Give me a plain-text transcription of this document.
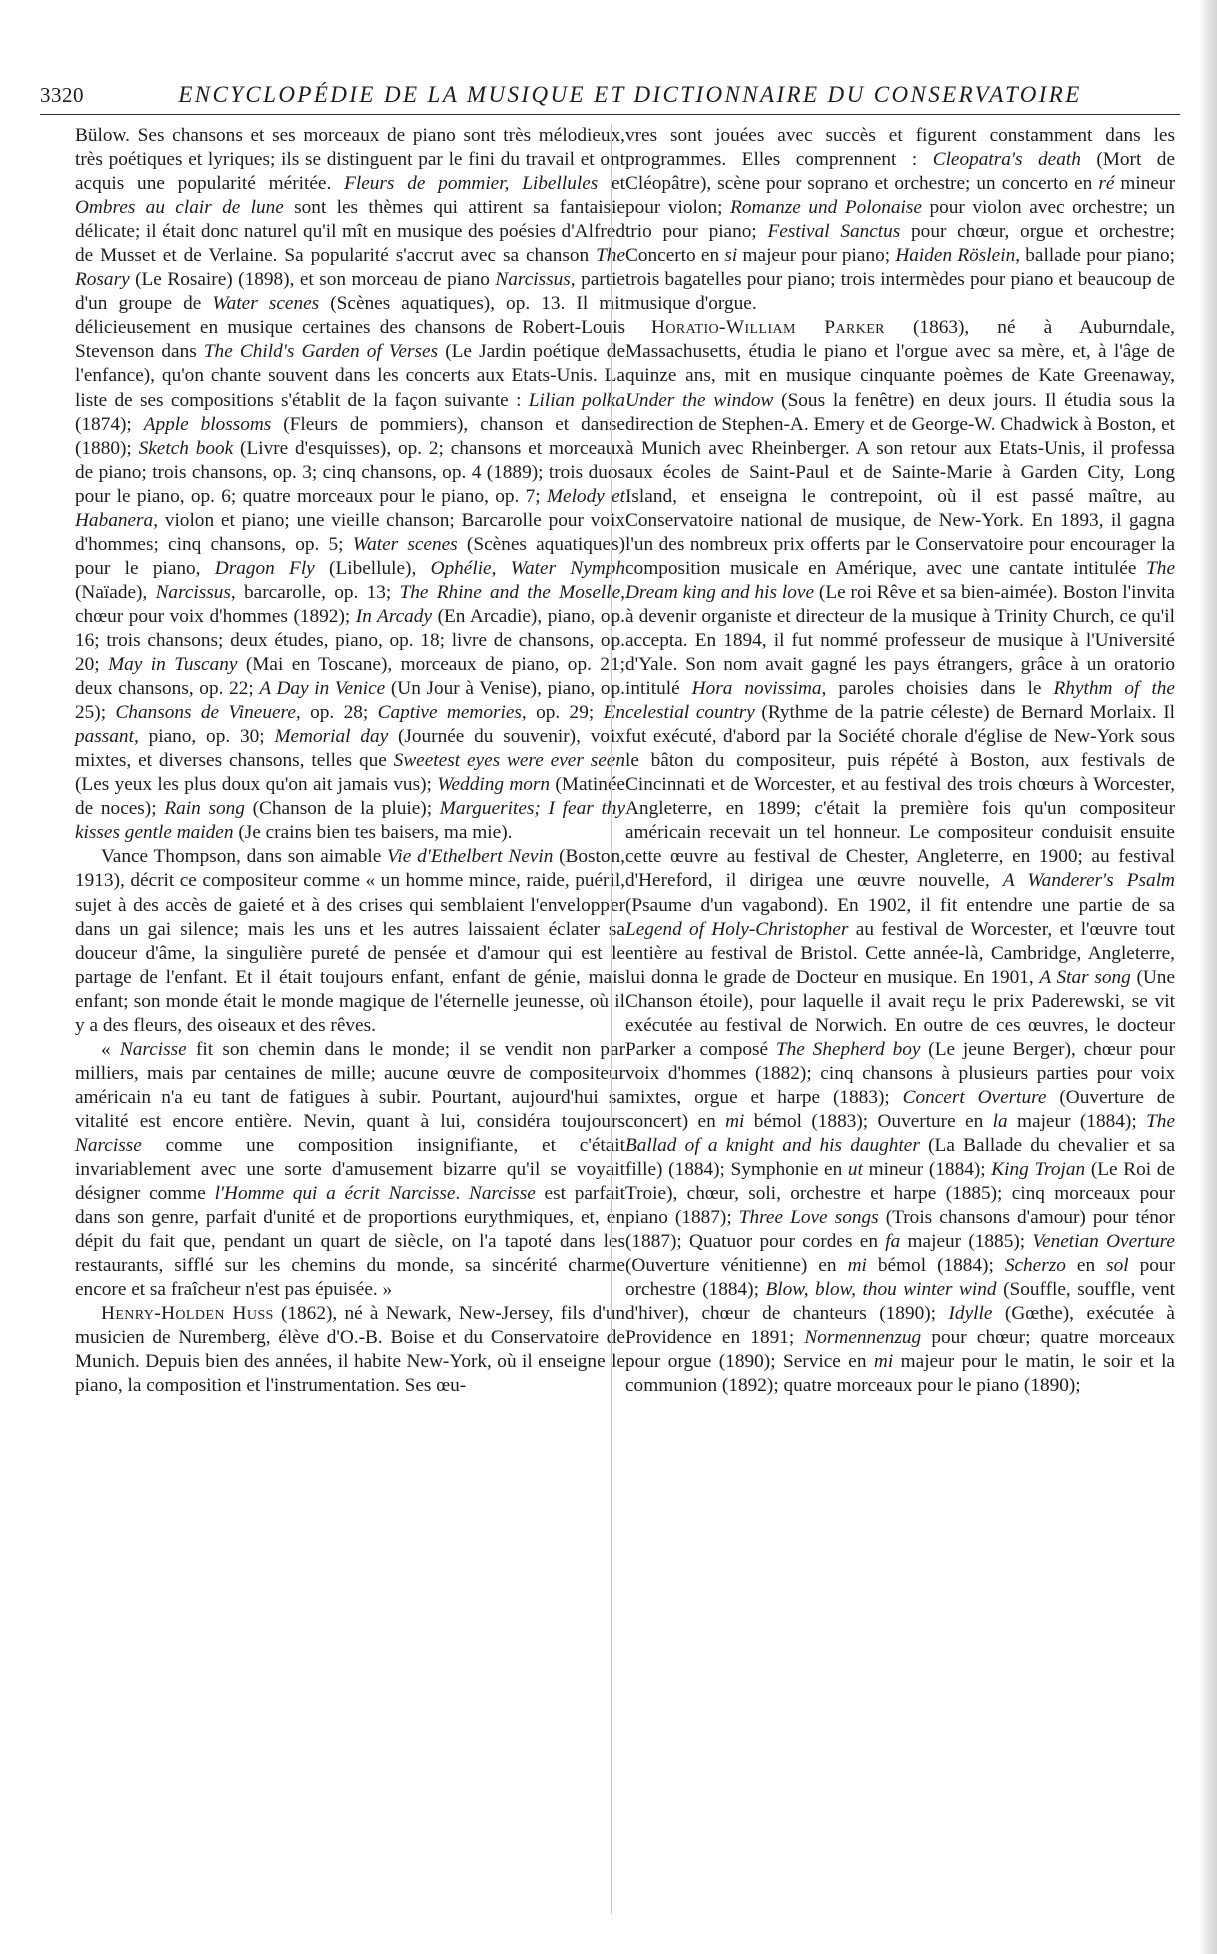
3320	ENCYCLOPÉDIE DE LA MUSIQUE ET DICTIONNAIRE DU CONSERVATOIRE

Bülow. Ses chansons et ses morceaux de piano sont très mélodieux, très poétiques et lyriques; ils se distinguent par le fini du travail et ont acquis une popularité méritée. Fleurs de pommier, Libellules et Ombres au clair de lune sont les thèmes qui attirent sa fantaisie délicate; il était donc naturel qu'il mît en musique des poésies d'Alfred de Musset et de Verlaine. Sa popularité s'accrut avec sa chanson The Rosary (Le Rosaire) (1898), et son morceau de piano Narcissus, partie d'un groupe de Water scenes (Scènes aquatiques), op. 13. Il mit délicieusement en musique certaines des chansons de Robert-Louis Stevenson dans The Child's Garden of Verses (Le Jardin poétique de l'enfance), qu'on chante souvent dans les concerts aux Etats-Unis. La liste de ses compositions s'établit de la façon suivante : Lilian polka (1874); Apple blossoms (Fleurs de pommiers), chanson et danse (1880); Sketch book (Livre d'esquisses), op. 2; chansons et morceaux de piano; trois chansons, op. 3; cinq chansons, op. 4 (1889); trois duos pour le piano, op. 6; quatre morceaux pour le piano, op. 7; Melody et Habanera, violon et piano; une vieille chanson; Barcarolle pour voix d'hommes; cinq chansons, op. 5; Water scenes (Scènes aquatiques) pour le piano, Dragon Fly (Libellule), Ophélie, Water Nymph (Naïade), Narcissus, barcarolle, op. 13; The Rhine and the Moselle, chœur pour voix d'hommes (1892); In Arcady (En Arcadie), piano, op. 16; trois chansons; deux études, piano, op. 18; livre de chansons, op. 20; May in Tuscany (Mai en Toscane), morceaux de piano, op. 21; deux chansons, op. 22; A Day in Venice (Un Jour à Venise), piano, op. 25); Chansons de Vineuere, op. 28; Captive memories, op. 29; En passant, piano, op. 30; Memorial day (Journée du souvenir), voix mixtes, et diverses chansons, telles que Sweetest eyes were ever seen (Les yeux les plus doux qu'on ait jamais vus); Wedding morn (Matinée de noces); Rain song (Chanson de la pluie); Marguerites; I fear thy kisses gentle maiden (Je crains bien tes baisers, ma mie).

Vance Thompson, dans son aimable Vie d'Ethelbert Nevin (Boston, 1913), décrit ce compositeur comme « un homme mince, raide, puéril, sujet à des accès de gaieté et à des crises qui semblaient l'envelopper dans un gai silence; mais les uns et les autres laissaient éclater sa douceur d'âme, la singulière pureté de pensée et d'amour qui est le partage de l'enfant. Et il était toujours enfant, enfant de génie, mais enfant; son monde était le monde magique de l'éternelle jeunesse, où il y a des fleurs, des oiseaux et des rêves.

« Narcisse fit son chemin dans le monde; il se vendit non par milliers, mais par centaines de mille; aucune œuvre de compositeur américain n'a eu tant de fatigues à subir. Pourtant, aujourd'hui sa vitalité est encore entière. Nevin, quant à lui, considéra toujours Narcisse comme une composition insignifiante, et c'était invariablement avec une sorte d'amusement bizarre qu'il se voyait désigner comme l'Homme qui a écrit Narcisse. Narcisse est parfait dans son genre, parfait d'unité et de proportions eurythmiques, et, en dépit du fait que, pendant un quart de siècle, on l'a tapoté dans les restaurants, sifflé sur les chemins du monde, sa sincérité charme encore et sa fraîcheur n'est pas épuisée. »

Henry-Holden Huss (1862), né à Newark, New-Jersey, fils d'un musicien de Nuremberg, élève d'O.-B. Boise et du Conservatoire de Munich. Depuis bien des années, il habite New-York, où il enseigne le piano, la composition et l'instrumentation. Ses œu-

vres sont jouées avec succès et figurent constamment dans les programmes. Elles comprennent : Cleopatra's death (Mort de Cléopâtre), scène pour soprano et orchestre; un concerto en ré mineur pour violon; Romanze und Polonaise pour violon avec orchestre; un trio pour piano; Festival Sanctus pour chœur, orgue et orchestre; Concerto en si majeur pour piano; Haiden Röslein, ballade pour piano; trois bagatelles pour piano; trois intermèdes pour piano et beaucoup de musique d'orgue.

Horatio-William Parker (1863), né à Auburndale, Massachusetts, étudia le piano et l'orgue avec sa mère, et, à l'âge de quinze ans, mit en musique cinquante poèmes de Kate Greenaway, Under the window (Sous la fenêtre) en deux jours. Il étudia sous la direction de Stephen-A. Emery et de George-W. Chadwick à Boston, et à Munich avec Rheinberger. A son retour aux Etats-Unis, il professa aux écoles de Saint-Paul et de Sainte-Marie à Garden City, Long Island, et enseigna le contrepoint, où il est passé maître, au Conservatoire national de musique, de New-York. En 1893, il gagna l'un des nombreux prix offerts par le Conservatoire pour encourager la composition musicale en Amérique, avec une cantate intitulée The Dream king and his love (Le roi Rêve et sa bien-aimée). Boston l'invita à devenir organiste et directeur de la musique à Trinity Church, ce qu'il accepta. En 1894, il fut nommé professeur de musique à l'Université d'Yale. Son nom avait gagné les pays étrangers, grâce à un oratorio intitulé Hora novissima, paroles choisies dans le Rhythm of the celestial country (Rythme de la patrie céleste) de Bernard Morlaix. Il fut exécuté, d'abord par la Société chorale d'église de New-York sous le bâton du compositeur, puis répété à Boston, aux festivals de Cincinnati et de Worcester, et au festival des trois chœurs à Worcester, Angleterre, en 1899; c'était la première fois qu'un compositeur américain recevait un tel honneur. Le compositeur conduisit ensuite cette œuvre au festival de Chester, Angleterre, en 1900; au festival d'Hereford, il dirigea une œuvre nouvelle, A Wanderer's Psalm (Psaume d'un vagabond). En 1902, il fit entendre une partie de sa Legend of Holy-Christopher au festival de Worcester, et l'œuvre tout entière au festival de Bristol. Cette année-là, Cambridge, Angleterre, lui donna le grade de Docteur en musique. En 1901, A Star song (Une Chanson étoile), pour laquelle il avait reçu le prix Paderewski, se vit exécutée au festival de Norwich. En outre de ces œuvres, le docteur Parker a composé The Shepherd boy (Le jeune Berger), chœur pour voix d'hommes (1882); cinq chansons à plusieurs parties pour voix mixtes, orgue et harpe (1883); Concert Overture (Ouverture de concert) en mi bémol (1883); Ouverture en la majeur (1884); The Ballad of a knight and his daughter (La Ballade du chevalier et sa fille) (1884); Symphonie en ut mineur (1884); King Trojan (Le Roi de Troie), chœur, soli, orchestre et harpe (1885); cinq morceaux pour piano (1887); Three Love songs (Trois chansons d'amour) pour ténor (1887); Quatuor pour cordes en fa majeur (1885); Venetian Overture (Ouverture vénitienne) en mi bémol (1884); Scherzo en sol pour orchestre (1884); Blow, blow, thou winter wind (Souffle, souffle, vent d'hiver), chœur de chanteurs (1890); Idylle (Gœthe), exécutée à Providence en 1891; Normennenzug pour chœur; quatre morceaux pour orgue (1890); Service en mi majeur pour le matin, le soir et la communion (1892); quatre morceaux pour le piano (1890);
